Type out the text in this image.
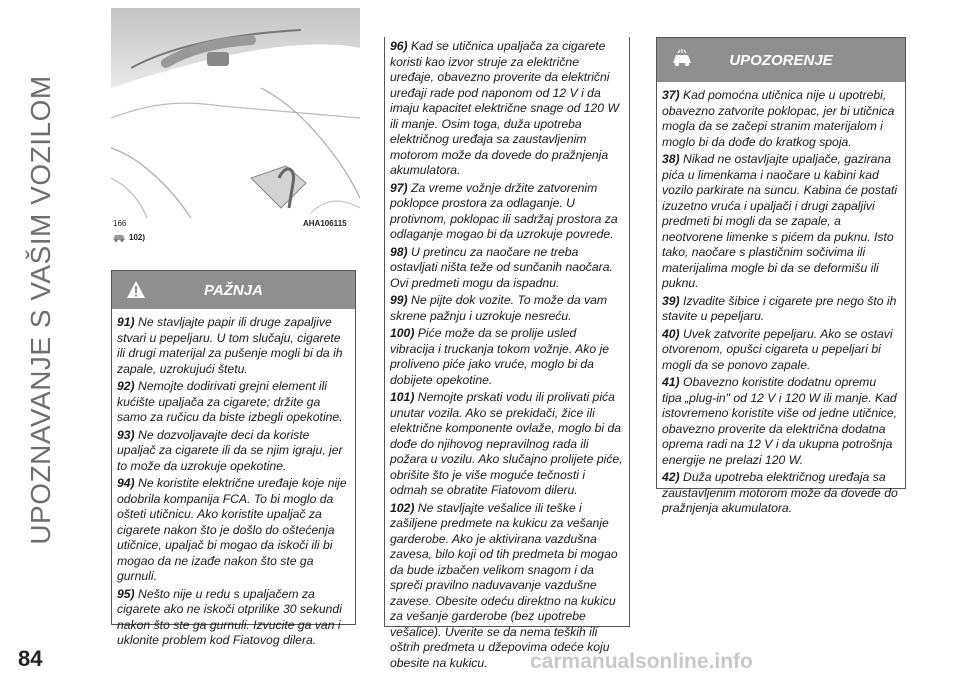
UPOZNAVANJE S VAŠIM VOZILOM	166	AHA106115
102)
PAŽNJA

91) Ne stavljajte papir ili druge zapaljive stvari u pepeljaru. U tom slučaju, cigarete ili drugi materijal za pušenje mogli bi da ih zapale, uzrokujući štetu.

92) Nemojte dodirivati grejni element ili kućište upaljača za cigarete; držite ga samo za ručicu da biste izbegli opekotine.

93) Ne dozvoljavajte deci da koriste upaljač za cigarete ili da se njim igraju, jer to može da uzrokuje opekotine.

94) Ne koristite električne uređaje koje nije odobrila kompanija FCA. To bi moglo da ošteti utičnicu. Ako koristite upaljač za cigarete nakon što je došlo do oštećenja utičnice, upaljač bi mogao da iskoči ili bi mogao da ne izađe nakon što ste ga gurnuli.

95) Nešto nije u redu s upaljačem za cigarete ako ne iskoči otprilike 30 sekundi nakon što ste ga gurnuli. Izvucite ga van i uklonite problem kod Fiatovog dilera.

96) Kad se utičnica upaljača za cigarete koristi kao izvor struje za električne uređaje, obavezno proverite da električni uređaji rade pod naponom od 12 V i da imaju kapacitet električne snage od 120 W ili manje. Osim toga, duža upotreba električnog uređaja sa zaustavljenim motorom može da dovede do pražnjenja akumulatora.

97) Za vreme vožnje držite zatvorenim poklopce prostora za odlaganje. U protivnom, poklopac ili sadržaj prostora za odlaganje mogao bi da uzrokuje povrede.

98) U pretincu za naočare ne treba ostavljati ništa teže od sunčanih naočara. Ovi predmeti mogu da ispadnu.

99) Ne pijte dok vozite. To može da vam skrene pažnju i uzrokuje nesreću.

100) Piće može da se prolije usled vibracija i truckanja tokom vožnje. Ako je proliveno piće jako vruće, moglo bi da dobijete opekotine.

101) Nemojte prskati vodu ili prolivati pića unutar vozila. Ako se prekidači, žice ili električne komponente ovlaže, moglo bi da dođe do njihovog nepravilnog rada ili požara u vozilu. Ako slučajno prolijete piće, obrišite što je više moguće tečnosti i odmah se obratite Fiatovom dileru.

102) Ne stavljajte vešalice ili teške i zašiljene predmete na kukicu za vešanje garderobe. Ako je aktivirana vazdušna zavesa, bilo koji od tih predmeta bi mogao da bude izbačen velikom snagom i da spreči pravilno naduvavanje vazdušne zavese. Obesite odeću direktno na kukicu za vešanje garderobe (bez upotrebe vešalice). Uverite se da nema teških ili oštrih predmeta u džepovima odeće koju obesite na kukicu.

UPOZORENJE

37) Kad pomoćna utičnica nije u upotrebi, obavezno zatvorite poklopac, jer bi utičnica mogla da se začepi stranim materijalom i moglo bi da dođe do kratkog spoja.

38) Nikad ne ostavljajte upaljače, gazirana pića u limenkama i naočare u kabini kad vozilo parkirate na suncu. Kabina će postati izuzetno vruća i upaljači i drugi zapaljivi predmeti bi mogli da se zapale, a neotvorene limenke s pićem da puknu. Isto tako, naočare s plastičnim sočivima ili materijalima mogle bi da se deformišu ili puknu.

39) Izvadite šibice i cigarete pre nego što ih stavite u pepeljaru.

40) Uvek zatvorite pepeljaru. Ako se ostavi otvorenom, opušci cigareta u pepeljari bi mogli da se ponovo zapale.

41) Obavezno koristite dodatnu opremu tipa „plug-in" od 12 V i 120 W ili manje. Kad istovremeno koristite više od jedne utičnice, obavezno proverite da električna dodatna oprema radi na 12 V i da ukupna potrošnja energije ne prelazi 120 W.

42) Duža upotreba električnog uređaja sa zaustavljenim motorom može da dovede do pražnjenja akumulatora.

84	carmanualsonline.info
